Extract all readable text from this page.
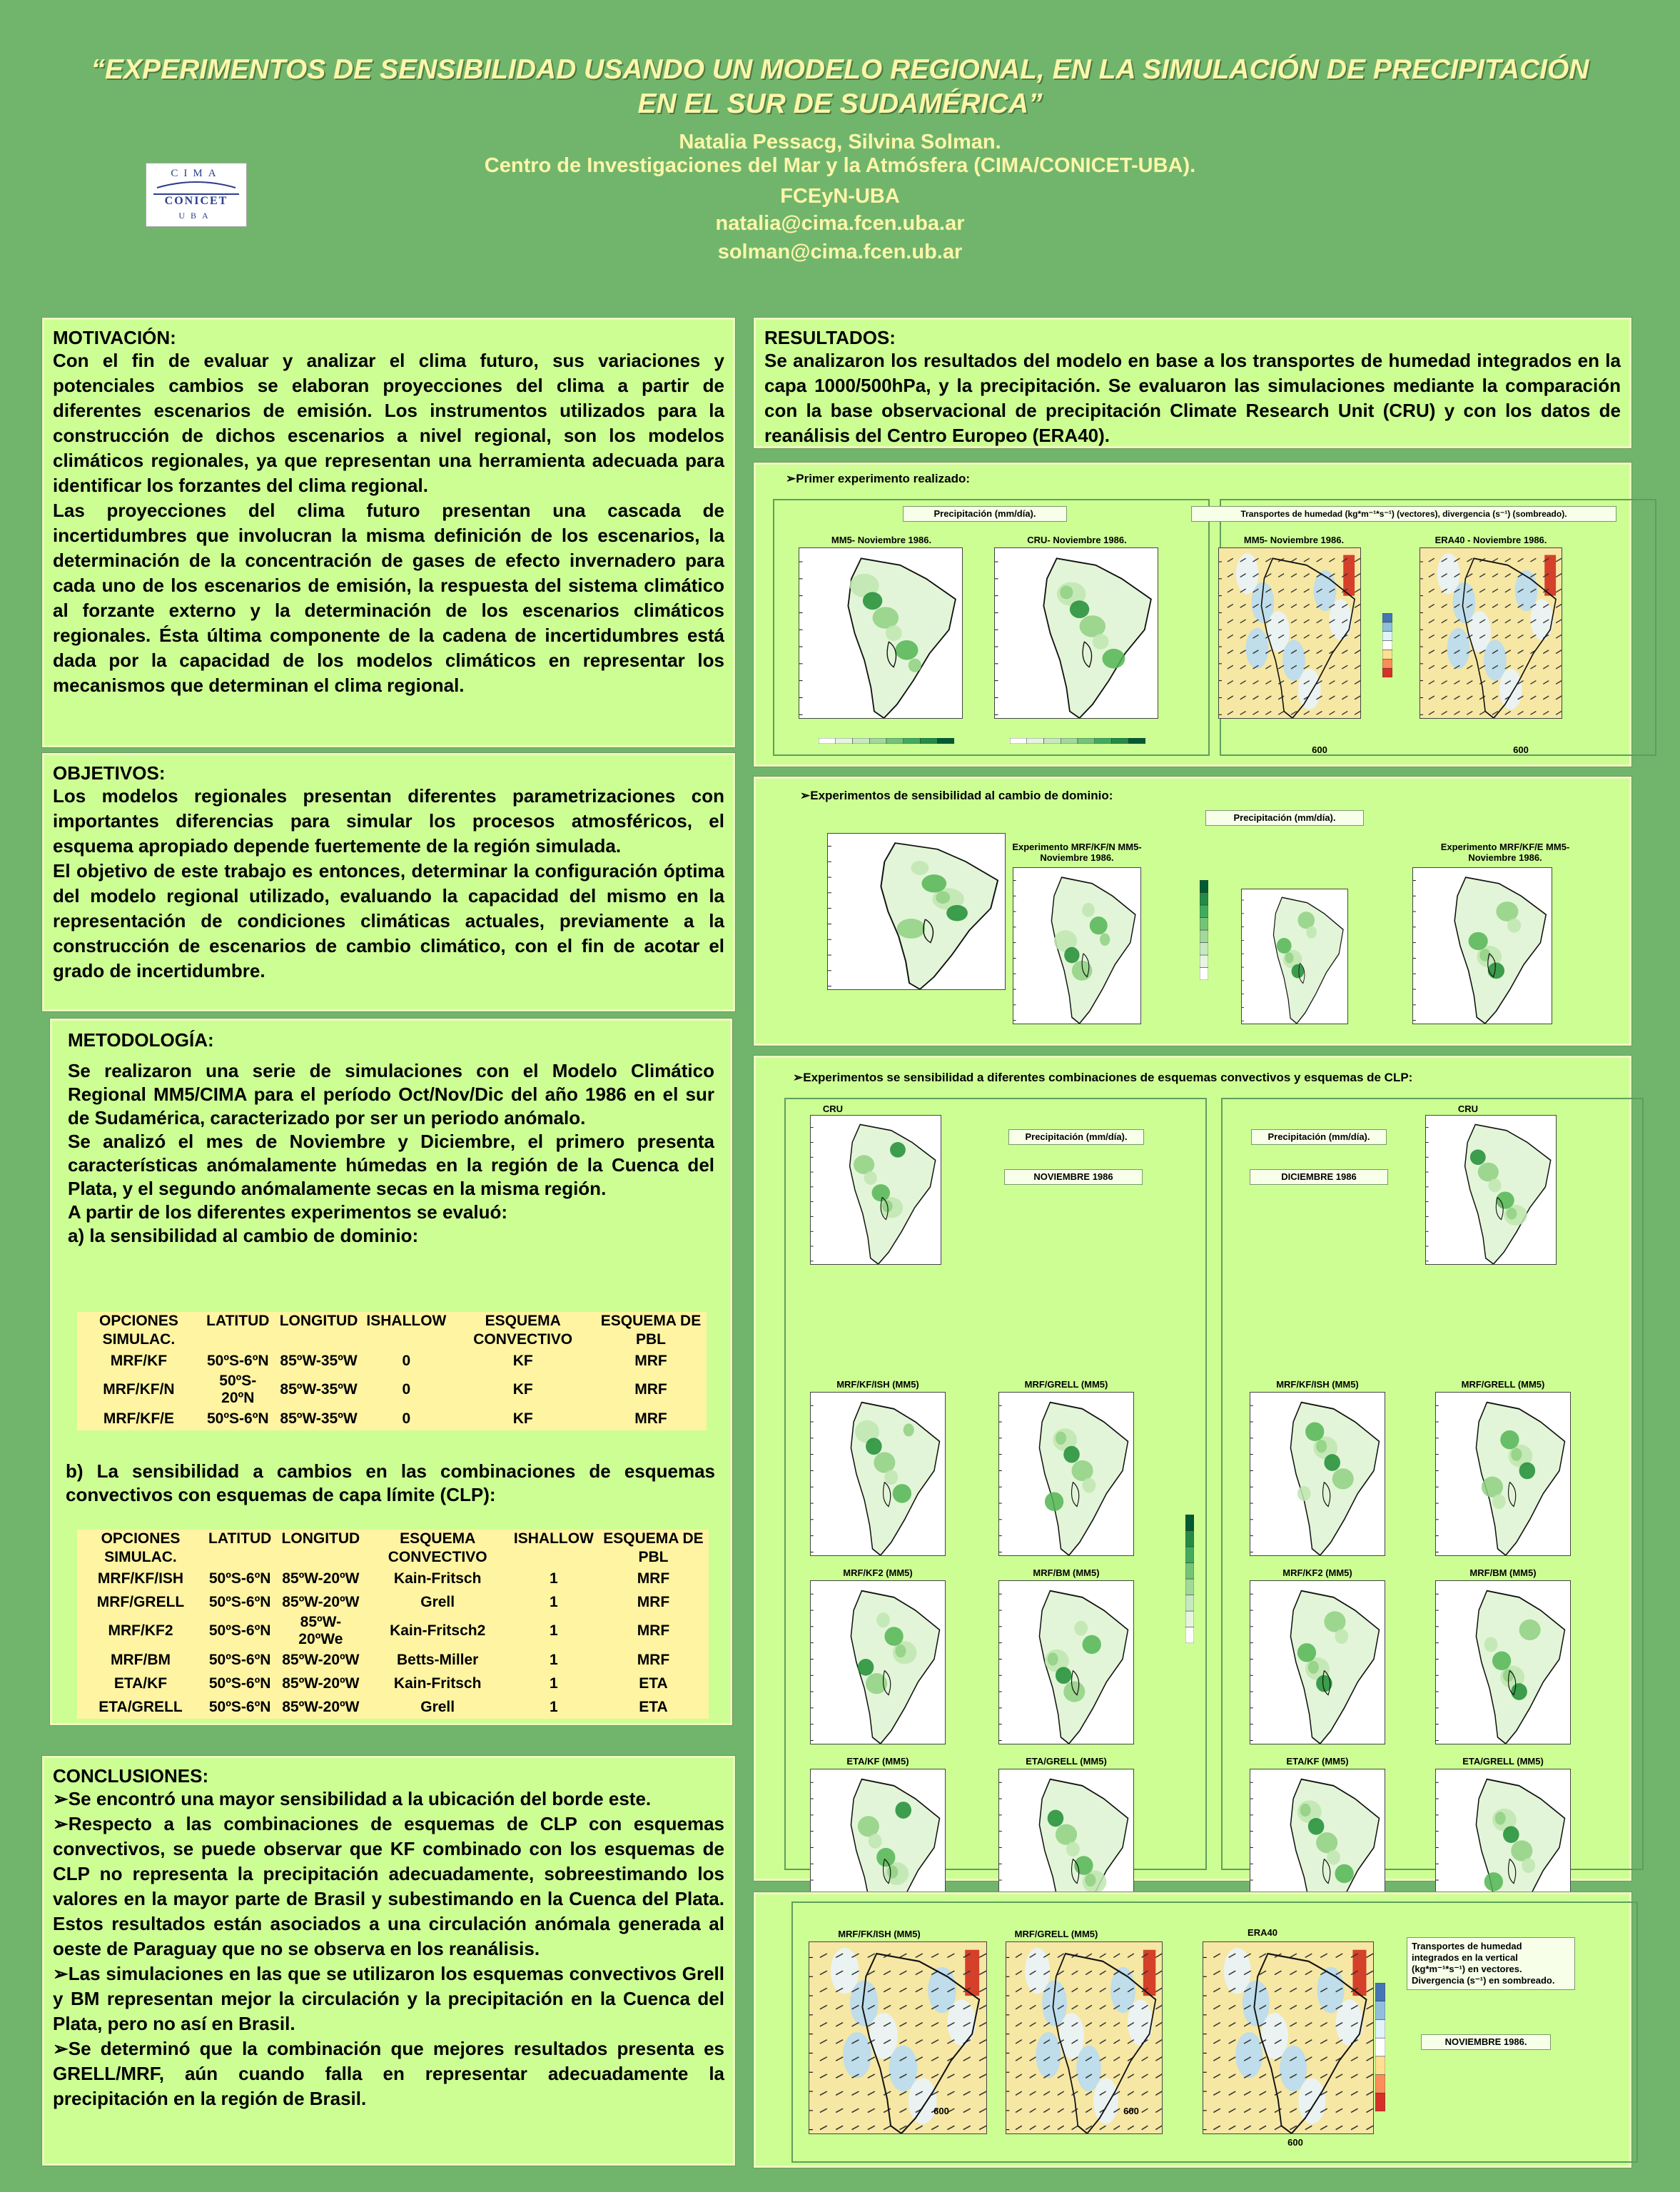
“EXPERIMENTOS DE SENSIBILIDAD USANDO UN MODELO REGIONAL, EN LA SIMULACIÓN DE PRECIPITACIÓN EN EL SUR DE SUDAMÉRICA”
Natalia Pessacg, Silvina Solman.
Centro de Investigaciones del Mar y la Atmósfera (CIMA/CONICET-UBA).
FCEyN-UBA
natalia@cima.fcen.uba.ar
solman@cima.fcen.ub.ar
CIMA
CONICET
UBA

MOTIVACIÓN:

Con el fin de evaluar y analizar el clima futuro, sus variaciones y potenciales cambios se elaboran proyecciones del clima a partir de diferentes escenarios de emisión. Los instrumentos utilizados para la construcción de dichos escenarios a nivel regional, son los modelos climáticos regionales, ya que representan una herramienta adecuada para identificar los forzantes del clima regional.

Las proyecciones del clima futuro presentan una cascada de incertidumbres que involucran la misma definición de los escenarios, la determinación de la concentración de gases de efecto invernadero para cada uno de los escenarios de emisión, la respuesta del sistema climático al forzante externo y la determinación de los escenarios climáticos regionales. Ésta última componente de la cadena de incertidumbres está dada por la capacidad de los modelos climáticos en representar los mecanismos que determinan el clima regional.

OBJETIVOS:

Los modelos regionales presentan diferentes parametrizaciones con importantes diferencias para simular los procesos atmosféricos, el esquema apropiado depende fuertemente de la región simulada.

El objetivo de este trabajo es entonces, determinar la configuración óptima del modelo regional utilizado, evaluando la capacidad del mismo en la representación de condiciones climáticas actuales, previamente a la construcción de escenarios de cambio climático, con el fin de acotar el grado de incertidumbre.

METODOLOGÍA:

Se realizaron una serie de simulaciones con el Modelo Climático Regional MM5/CIMA para el período Oct/Nov/Dic del año 1986 en el sur de Sudamérica, caracterizado por ser un periodo anómalo.

Se analizó el mes de Noviembre y Diciembre, el primero presenta características anómalamente húmedas en la región de la Cuenca del Plata, y el segundo anómalamente secas en la misma región.

A partir de los diferentes experimentos se evaluó:

a) la sensibilidad al cambio de dominio:

OPCIONES SIMULAC.	LATITUD	LONGITUD	ISHALLOW	ESQUEMA CONVECTIVO	ESQUEMA DE PBL
MRF/KF	50ºS-6ºN	85ºW-35ºW	0	KF	MRF
MRF/KF/N	50ºS-20ºN	85ºW-35ºW	0	KF	MRF
MRF/KF/E	50ºS-6ºN	85ºW-35ºW	0	KF	MRF

b) La sensibilidad a cambios en las combinaciones de esquemas convectivos con esquemas de capa límite (CLP):

OPCIONES SIMULAC.	LATITUD	LONGITUD	ESQUEMA CONVECTIVO	ISHALLOW	ESQUEMA DE PBL
MRF/KF/ISH	50ºS-6ºN	85ºW-20ºW	Kain-Fritsch	1	MRF
MRF/GRELL	50ºS-6ºN	85ºW-20ºW	Grell	1	MRF
MRF/KF2	50ºS-6ºN	85ºW-20ºWe	Kain-Fritsch2	1	MRF
MRF/BM	50ºS-6ºN	85ºW-20ºW	Betts-Miller	1	MRF
ETA/KF	50ºS-6ºN	85ºW-20ºW	Kain-Fritsch	1	ETA
ETA/GRELL	50ºS-6ºN	85ºW-20ºW	Grell	1	ETA

CONCLUSIONES:

➢Se encontró una mayor sensibilidad a la ubicación del borde este.

➢Respecto a las combinaciones de esquemas de CLP con esquemas convectivos, se puede observar que KF combinado con los esquemas de CLP no representa la precipitación adecuadamente, sobreestimando los valores en la mayor parte de Brasil y subestimando en la Cuenca del Plata. Estos resultados están asociados a una circulación anómala generada al oeste de Paraguay que no se observa en los reanálisis.

➢Las simulaciones en las que se utilizaron los esquemas convectivos Grell y BM representan mejor la circulación y la precipitación en la Cuenca del Plata, pero no así en Brasil.

➢Se determinó que la combinación que mejores resultados presenta es GRELL/MRF, aún cuando falla en representar adecuadamente la precipitación en la región de Brasil.

RESULTADOS:

Se analizaron los resultados del modelo en base a los transportes de humedad integrados en la capa 1000/500hPa, y la precipitación. Se evaluaron las simulaciones mediante la comparación con la base observacional de precipitación Climate Research Unit (CRU) y con los datos de reanálisis del Centro Europeo (ERA40).

➢Primer experimento realizado:
Precipitación (mm/día).	Transportes de humedad (kg*m⁻¹*s⁻¹) (vectores), divergencia (s⁻¹) (sombreado).
MM5- Noviembre 1986.	CRU- Noviembre 1986.	MM5- Noviembre 1986.	ERA40 - Noviembre 1986.
600	600
➢Experimentos de sensibilidad al cambio de dominio:
Precipitación (mm/día).
Experimento MRF/KF/N MM5- Noviembre 1986.
Experimento MRF/KF/E MM5- Noviembre 1986.
➢Experimentos se sensibilidad a diferentes combinaciones de esquemas convectivos y esquemas de CLP:
CRU	CRU
Precipitación (mm/día).	Precipitación (mm/día).
NOVIEMBRE 1986	DICIEMBRE 1986
MRF/KF/ISH (MM5)	MRF/GRELL (MM5)	MRF/KF/ISH (MM5)	MRF/GRELL (MM5)
MRF/KF2 (MM5)	MRF/BM (MM5)	MRF/KF2 (MM5)	MRF/BM (MM5)
ETA/KF (MM5)	ETA/GRELL (MM5)	ETA/KF (MM5)	ETA/GRELL (MM5)
MRF/FK/ISH (MM5)	MRF/GRELL (MM5)	ERA40
600	600
600
Transportes de humedad integrados en la vertical (kg*m⁻¹*s⁻¹) en vectores. Divergencia (s⁻¹) en sombreado.
NOVIEMBRE 1986.
